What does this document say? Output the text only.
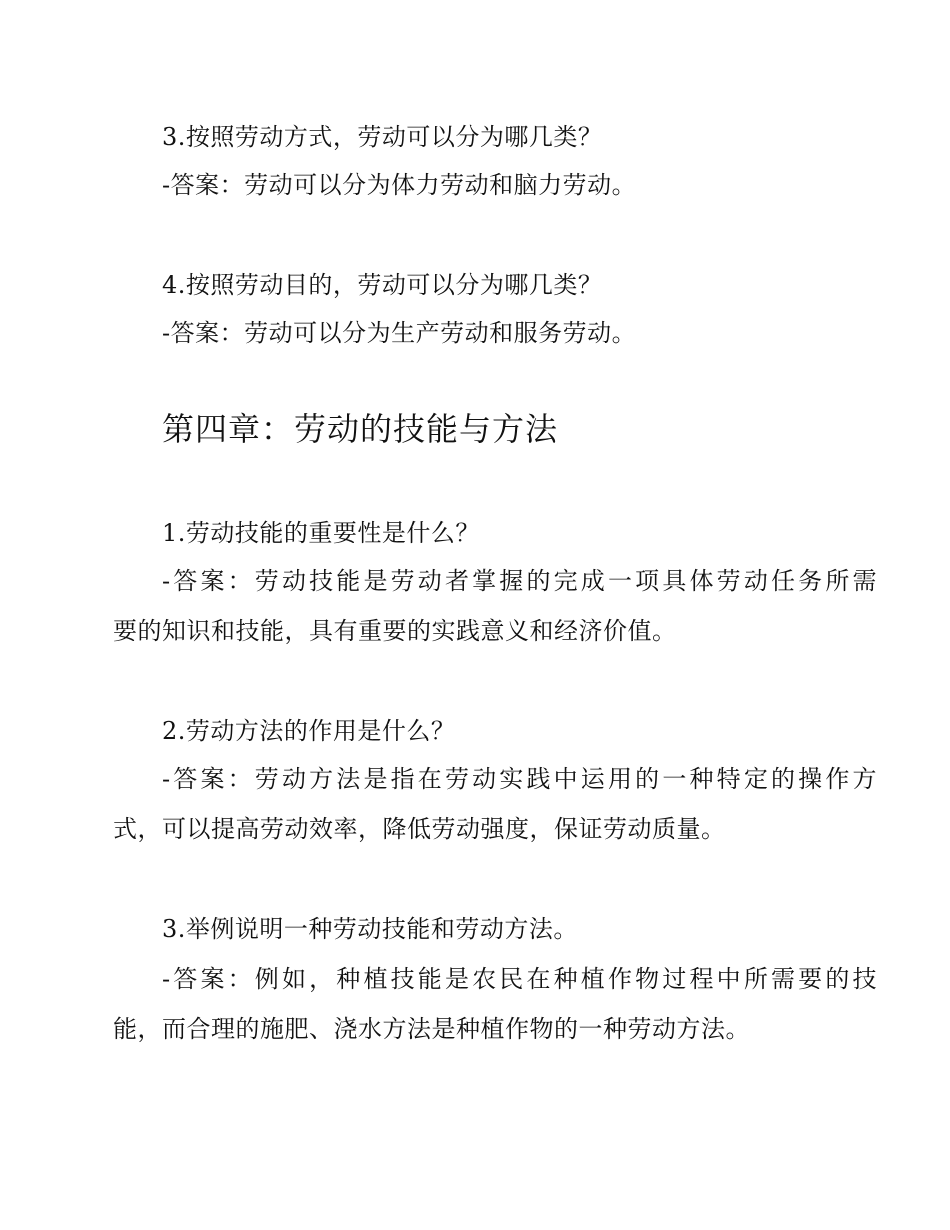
3.按照劳动方式，劳动可以分为哪几类？
-答案：劳动可以分为体力劳动和脑力劳动。
4.按照劳动目的，劳动可以分为哪几类？
-答案：劳动可以分为生产劳动和服务劳动。
第四章：劳动的技能与方法
1.劳动技能的重要性是什么？
-答案：劳动技能是劳动者掌握的完成一项具体劳动任务所需
要的知识和技能，具有重要的实践意义和经济价值。
2.劳动方法的作用是什么？
-答案：劳动方法是指在劳动实践中运用的一种特定的操作方
式，可以提高劳动效率，降低劳动强度，保证劳动质量。
3.举例说明一种劳动技能和劳动方法。
-答案：例如，种植技能是农民在种植作物过程中所需要的技
能，而合理的施肥、浇水方法是种植作物的一种劳动方法。
